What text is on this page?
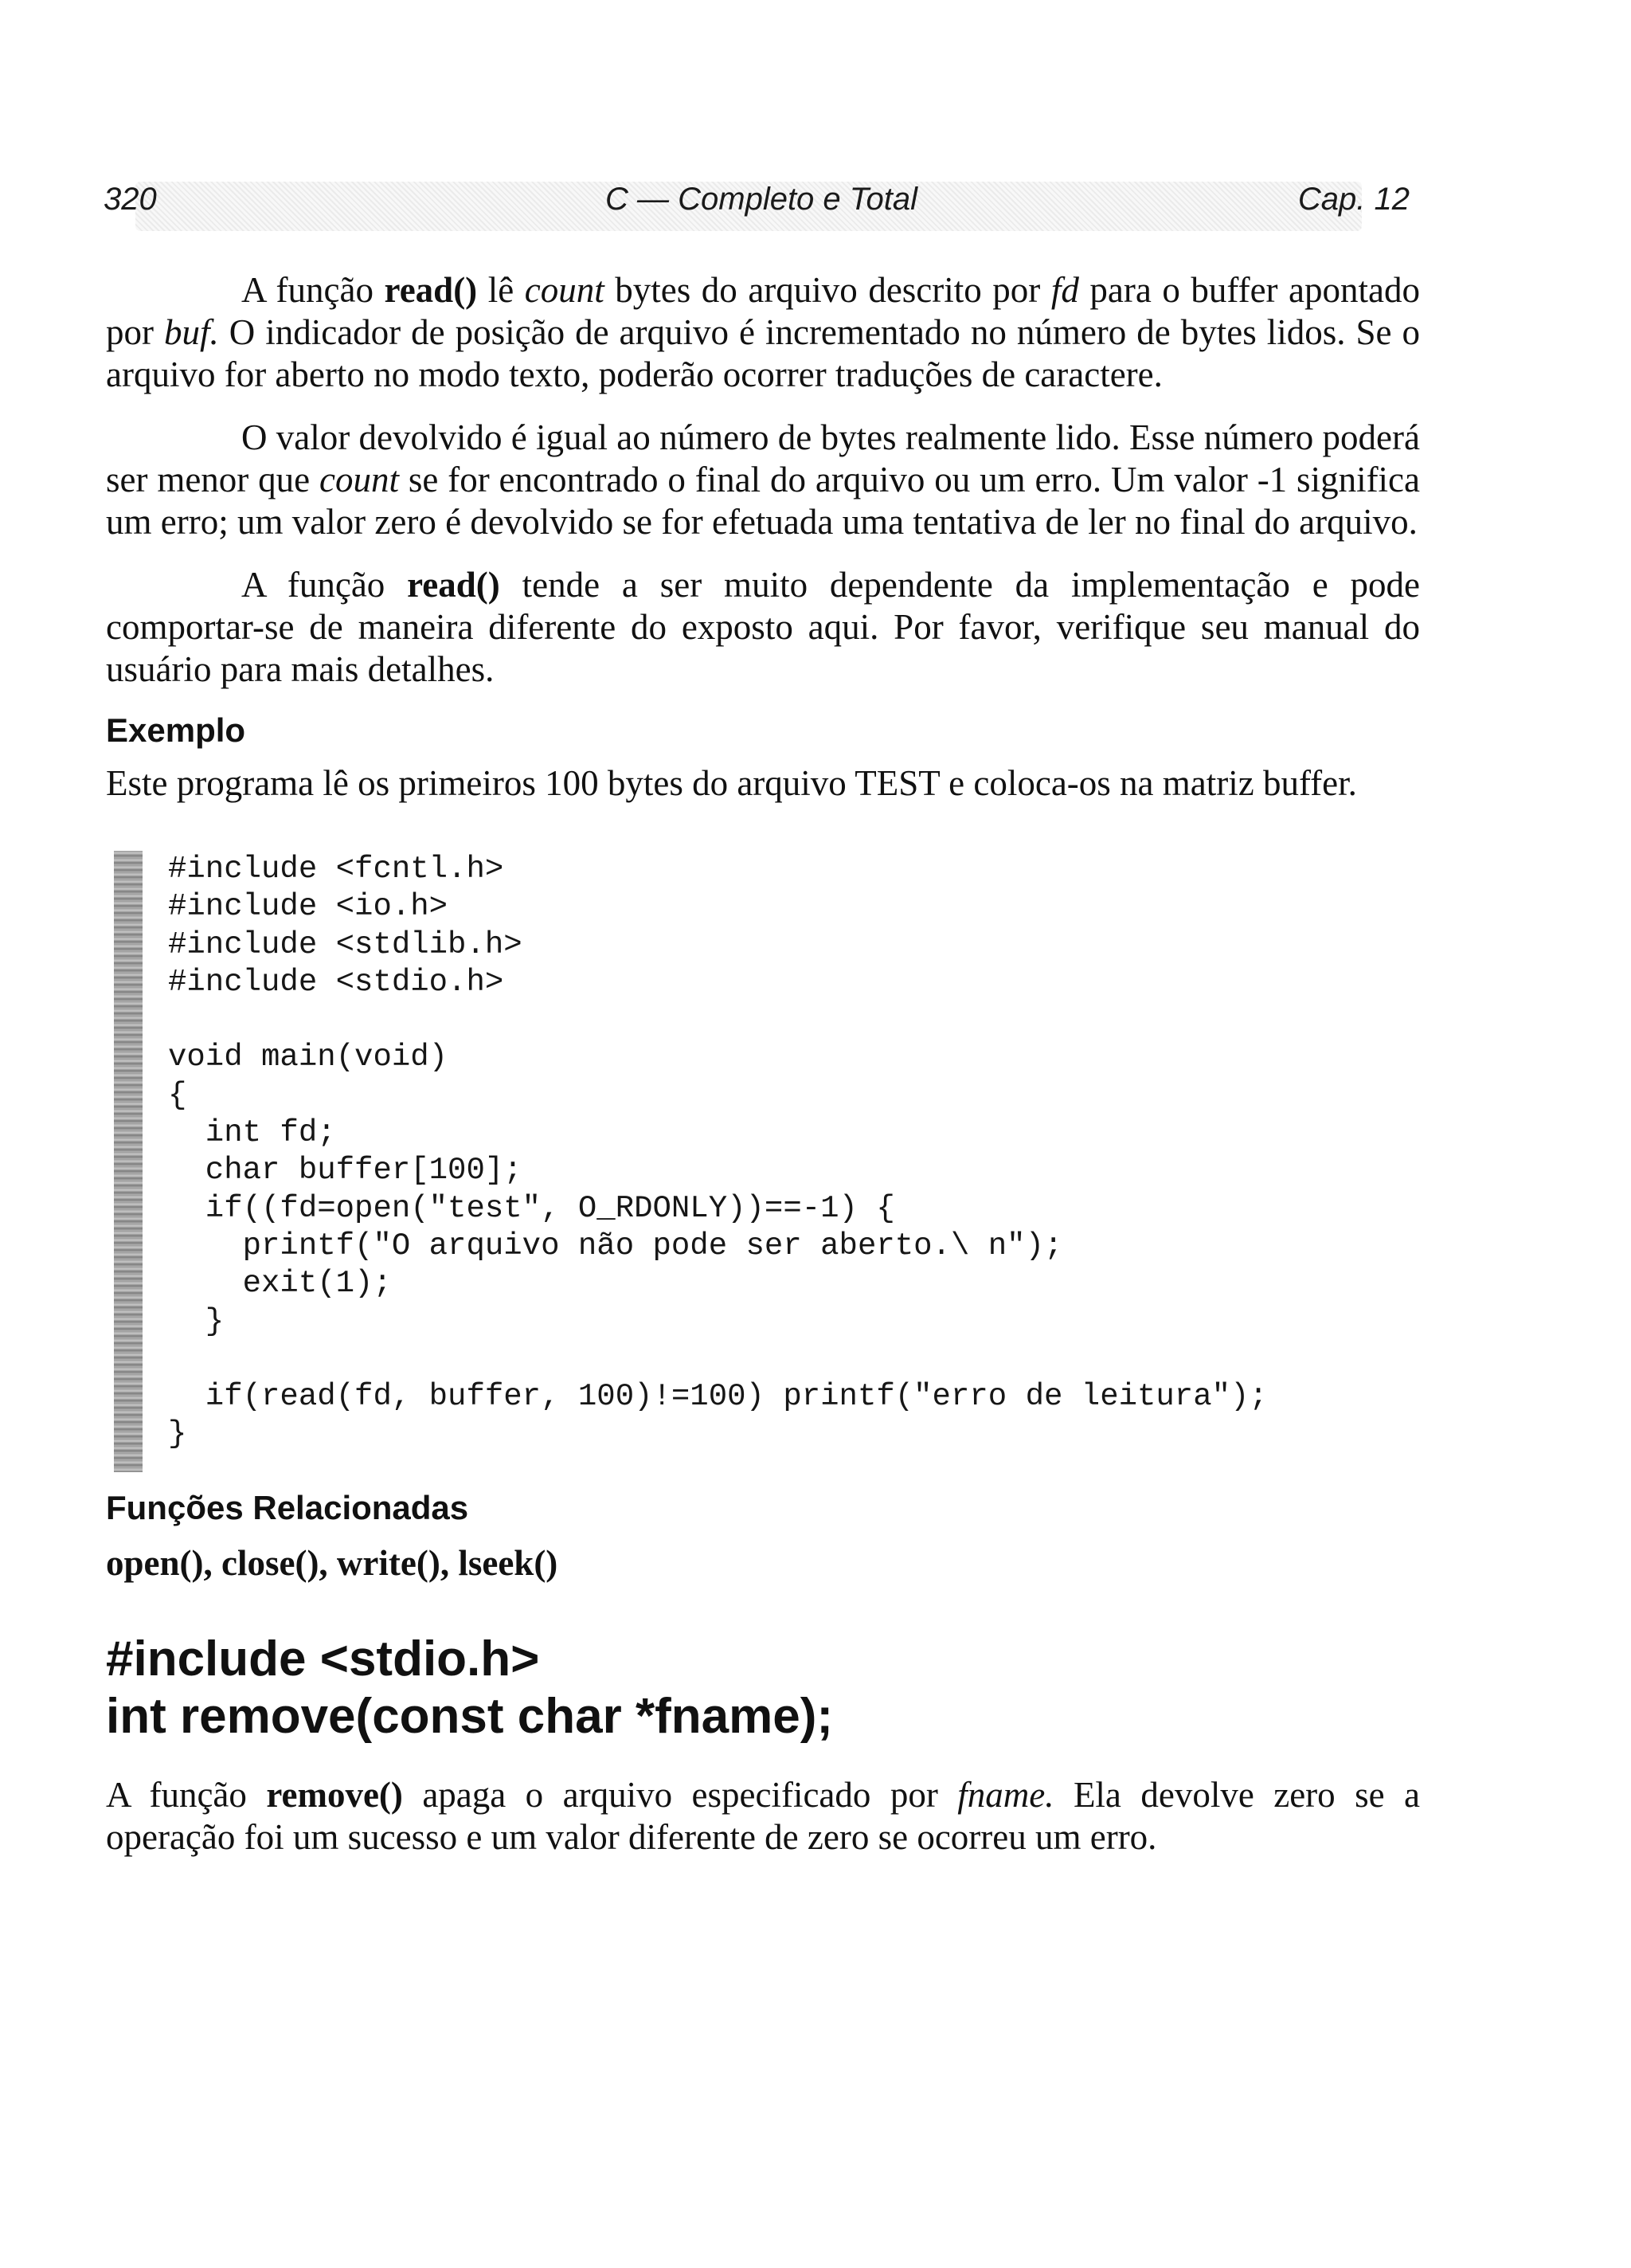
320	C — Completo e Total	Cap. 12

A função read() lê count bytes do arquivo descrito por fd para o buffer apontado por buf. O indicador de posição de arquivo é incrementado no número de bytes lidos. Se o arquivo for aberto no modo texto, poderão ocorrer traduções de caractere.

O valor devolvido é igual ao número de bytes realmente lido. Esse número poderá ser menor que count se for encontrado o final do arquivo ou um erro. Um valor -1 significa um erro; um valor zero é devolvido se for efetuada uma tentativa de ler no final do arquivo.

A função read() tende a ser muito dependente da implementação e pode comportar-se de maneira diferente do exposto aqui. Por favor, verifique seu manual do usuário para mais detalhes.

Exemplo

Este programa lê os primeiros 100 bytes do arquivo TEST e coloca-os na matriz buffer.

#include <fcntl.h>
#include <io.h>
#include <stdlib.h>
#include <stdio.h>

void main(void)
{
int fd;
char buffer[100];
if((fd=open("test", O_RDONLY))==-1) {
printf("O arquivo não pode ser aberto.\ n");
exit(1);
}

if(read(fd, buffer, 100)!=100) printf("erro de leitura");
}
Funções Relacionadas
open(), close(), write(), lseek()
#include <stdio.h>
int remove(const char *fname);

A função remove() apaga o arquivo especificado por fname. Ela devolve zero se a operação foi um sucesso e um valor diferente de zero se ocorreu um erro.
